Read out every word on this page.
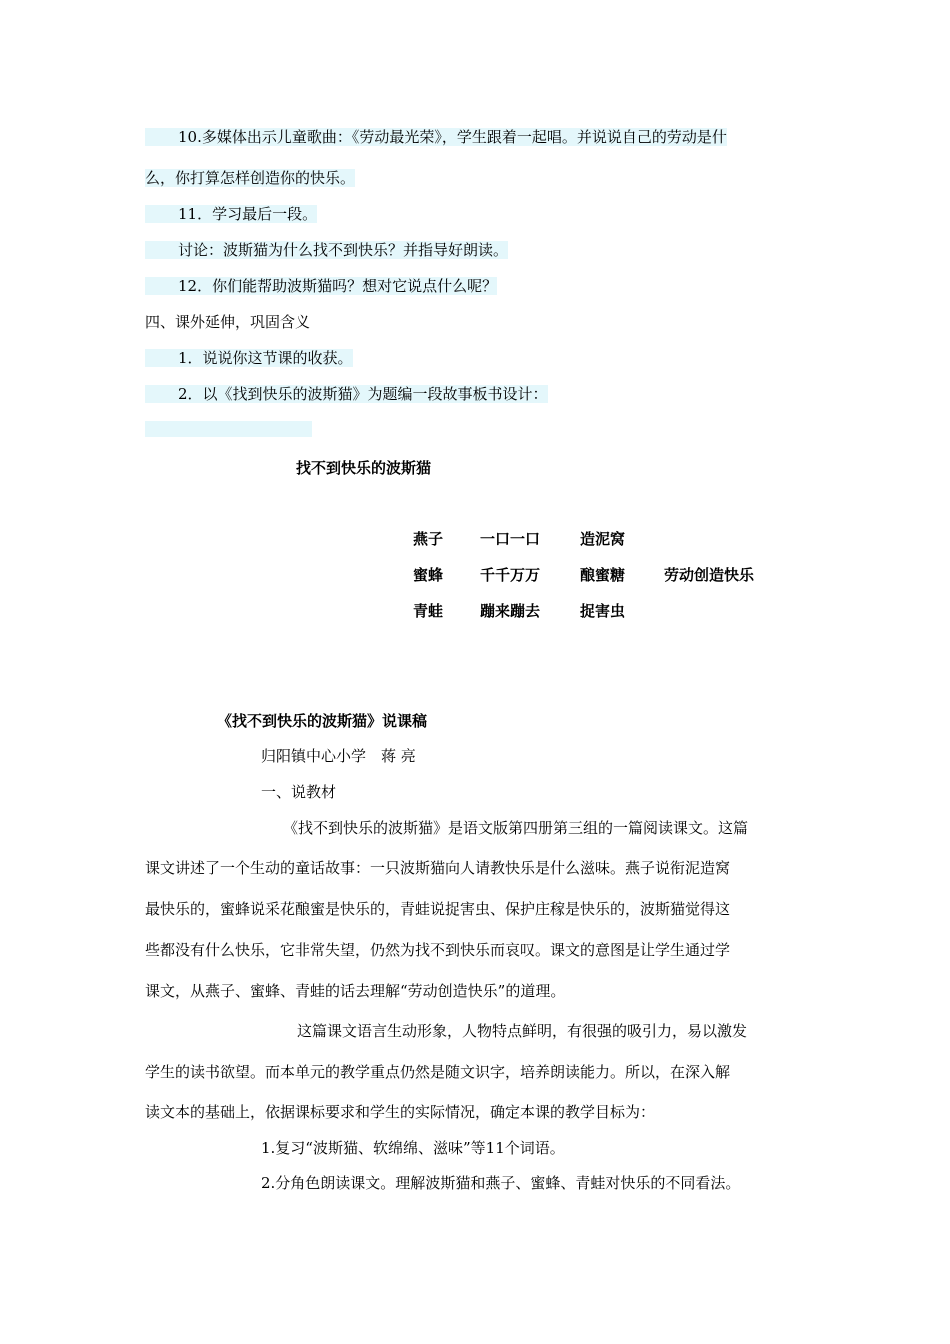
10.多媒体出示儿童歌曲：《劳动最光荣》，学生跟着一起唱。并说说自己的劳动是什
么，你打算怎样创造你的快乐。
11．学习最后一段。
讨论：波斯猫为什么找不到快乐？并指导好朗读。
12．你们能帮助波斯猫吗？想对它说点什么呢？
四、课外延伸，巩固含义
1．说说你这节课的收获。
2．以《找到快乐的波斯猫》为题编一段故事板书设计：
找不到快乐的波斯猫
燕子 一口一口	造泥窝
蜜蜂 千千万万	酿蜜糖	劳动创造快乐
青蛙 蹦来蹦去	捉害虫
《找不到快乐的波斯猫》说课稿
归阳镇中心小学　蒋 亮
一、说教材
《找不到快乐的波斯猫》是语文版第四册第三组的一篇阅读课文。这篇
课文讲述了一个生动的童话故事：一只波斯猫向人请教快乐是什么滋味。燕子说衔泥造窝
最快乐的，蜜蜂说采花酿蜜是快乐的，青蛙说捉害虫、保护庄稼是快乐的，波斯猫觉得这
些都没有什么快乐，它非常失望，仍然为找不到快乐而哀叹。课文的意图是让学生通过学
课文，从燕子、蜜蜂、青蛙的话去理解“劳动创造快乐”的道理。
这篇课文语言生动形象，人物特点鲜明，有很强的吸引力，易以激发
学生的读书欲望。而本单元的教学重点仍然是随文识字，培养朗读能力。所以，在深入解
读文本的基础上，依据课标要求和学生的实际情况，确定本课的教学目标为：
1.复习“波斯猫、软绵绵、滋味”等11个词语。
2.分角色朗读课文。理解波斯猫和燕子、蜜蜂、青蛙对快乐的不同看法。
